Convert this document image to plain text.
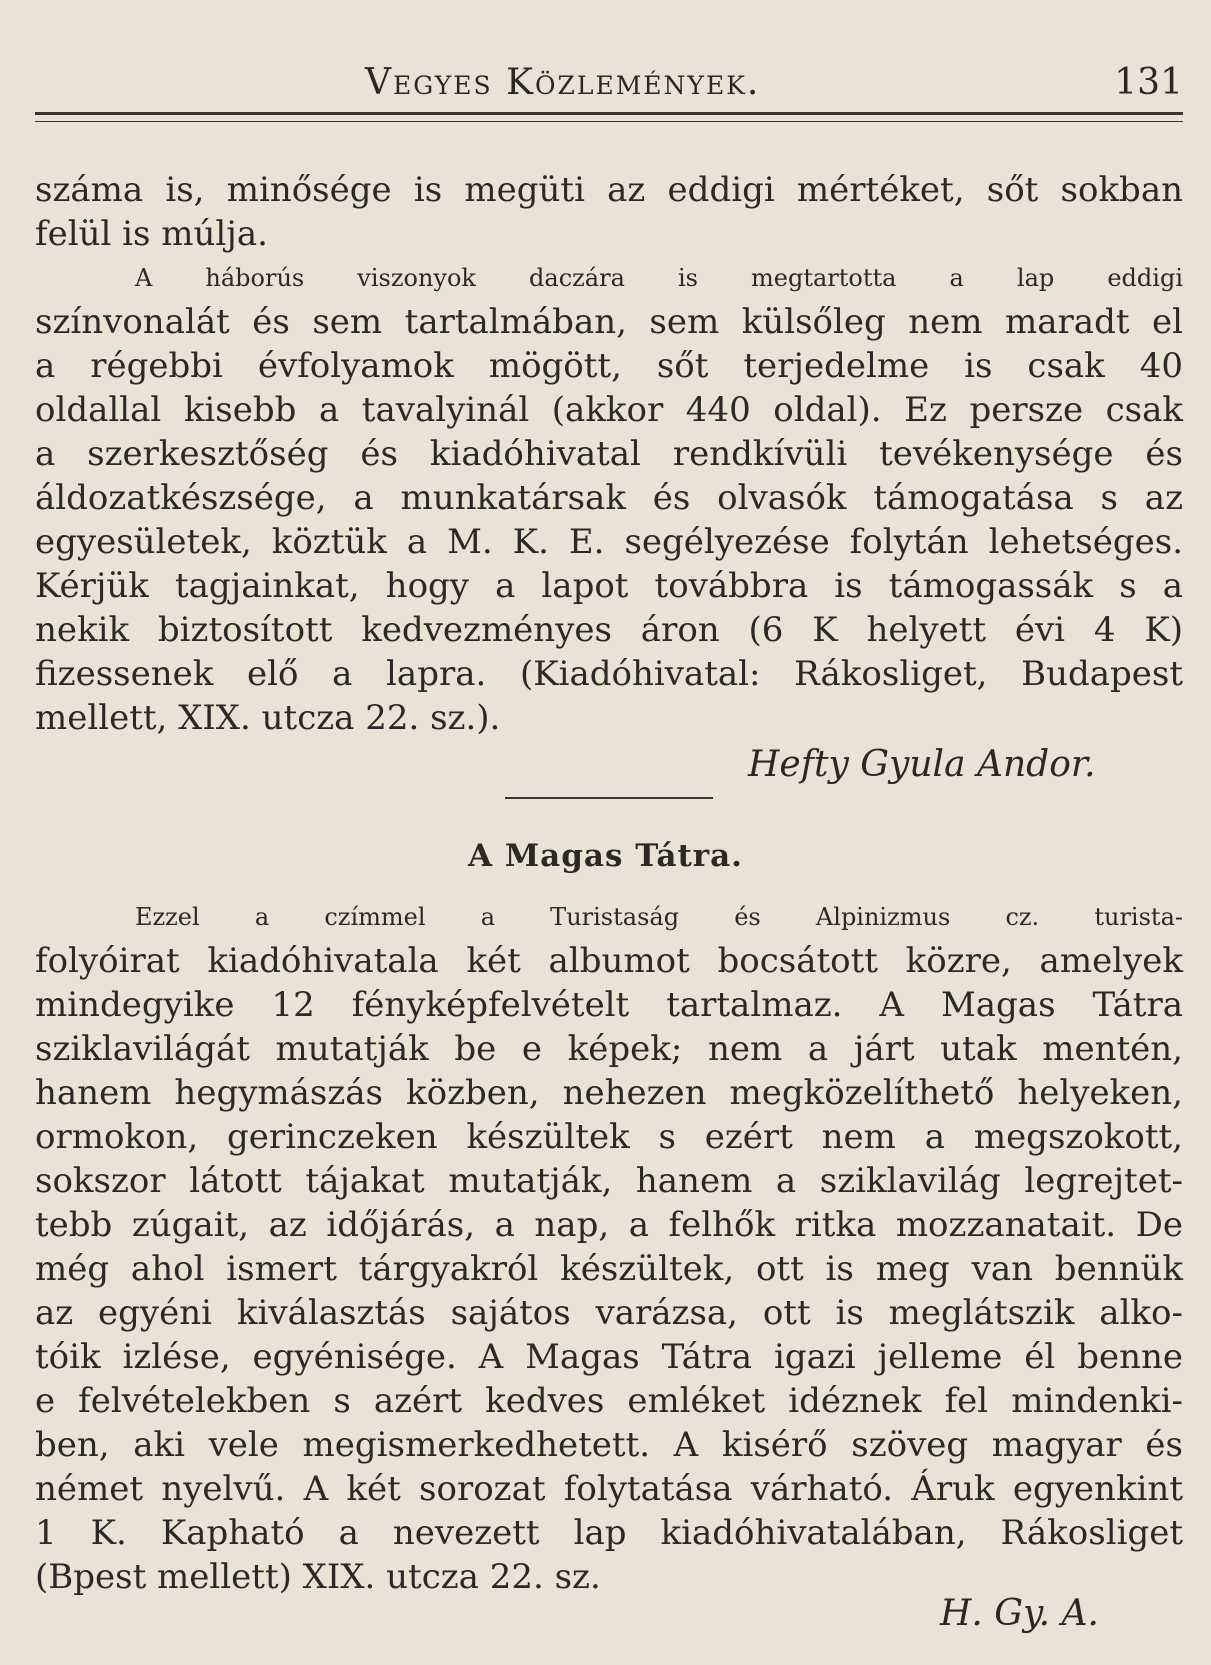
Vegyes Közlemények.	131
száma is, minősége is megüti az eddigi mértéket, sőt sokban
felül is múlja.
A háborús viszonyok daczára is megtartotta a lap eddigi
színvonalát és sem tartalmában, sem külsőleg nem maradt el
a régebbi évfolyamok mögött, sőt terjedelme is csak 40
oldallal kisebb a tavalyinál (akkor 440 oldal). Ez persze csak
a szerkesztőség és kiadóhivatal rendkívüli tevékenysége és
áldozatkészsége, a munkatársak és olvasók támogatása s az
egyesületek, köztük a M. K. E. segélyezése folytán lehetséges.
Kérjük tagjainkat, hogy a lapot továbbra is támogassák s a
nekik biztosított kedvezményes áron (6 K helyett évi 4 K)
fizessenek elő a lapra. (Kiadóhivatal: Rákosliget, Budapest
mellett, XIX. utcza 22. sz.).
Hefty Gyula Andor.
A Magas Tátra.
Ezzel a czímmel a Turistaság és Alpinizmus cz. turista-
folyóirat kiadóhivatala két albumot bocsátott közre, amelyek
mindegyike 12 fényképfelvételt tartalmaz. A Magas Tátra
sziklavilágát mutatják be e képek; nem a járt utak mentén,
hanem hegymászás közben, nehezen megközelíthető helyeken,
ormokon, gerinczeken készültek s ezért nem a megszokott,
sokszor látott tájakat mutatják, hanem a sziklavilág legrejtet-
tebb zúgait, az időjárás, a nap, a felhők ritka mozzanatait. De
még ahol ismert tárgyakról készültek, ott is meg van bennük
az egyéni kiválasztás sajátos varázsa, ott is meglátszik alko-
tóik izlése, egyénisége. A Magas Tátra igazi jelleme él benne
e felvételekben s azért kedves emléket idéznek fel mindenki-
ben, aki vele megismerkedhetett. A kisérő szöveg magyar és
német nyelvű. A két sorozat folytatása várható. Áruk egyenkint
1 K. Kapható a nevezett lap kiadóhivatalában, Rákosliget
(Bpest mellett) XIX. utcza 22. sz.
H. Gy. A.
